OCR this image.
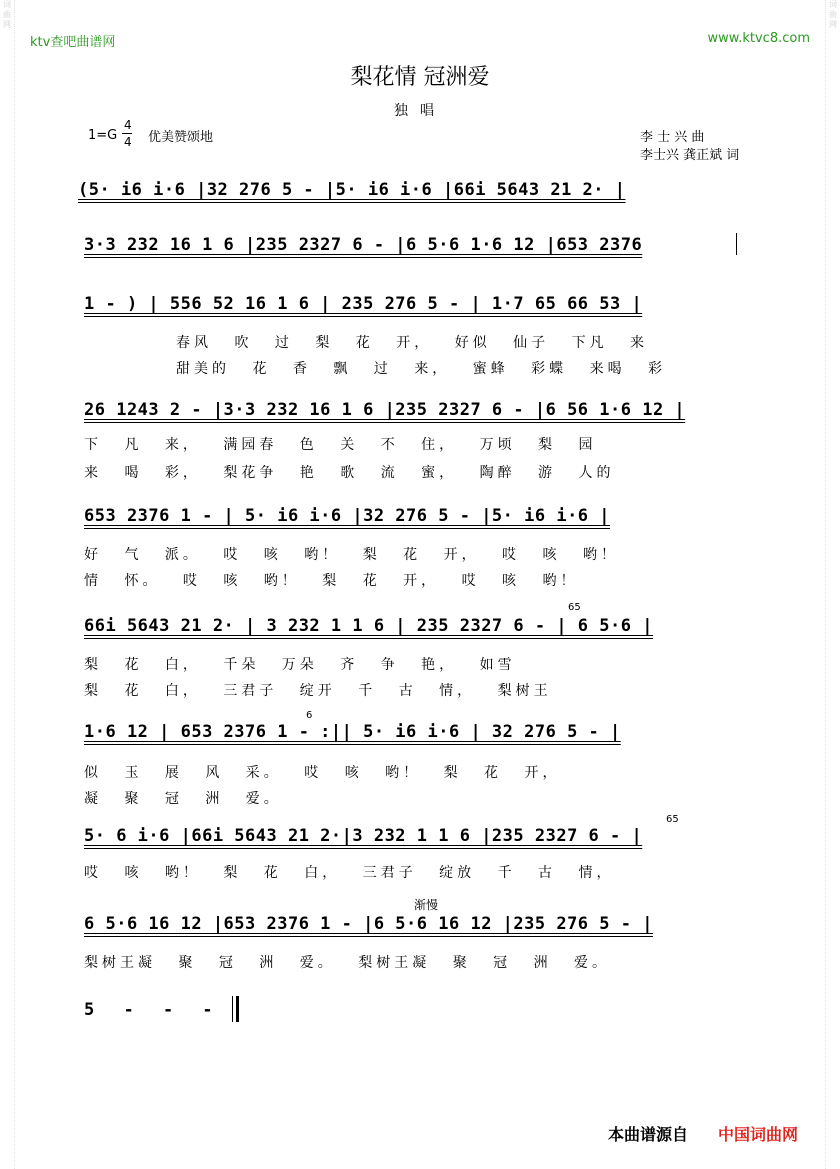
词曲网
词曲网
ktv查吧曲谱网	www.ktvc8.com
梨花情 冠洲爱
独唱
1=G
4
4 优美赞颂地	李 士 兴 曲
李士兴 龚正斌 词
(5· i6 i·6 |32 276 5 - |5· i6 i·6 |66i 5643 21 2· |
3·3 232 16 1 6 |235 2327 6 - |6 5·6 1·6 12 |653 2376
1 - ) | 556 52 16 1 6 | 235 276 5 - | 1·7 65 66 53 |
春风 吹 过 梨 花 开， 好似 仙子 下凡 来
甜美的 花 香 飘 过 来， 蜜蜂 彩蝶 来喝 彩
26 1243 2 - |3·3 232 16 1 6 |235 2327 6 - |6 56 1·6 12 |
下 凡 来， 满园春 色 关 不 住， 万顷 梨 园
来 喝 彩， 梨花争 艳 歌 流 蜜， 陶醉 游 人的
653 2376 1 - | 5· i6 i·6 |32 276 5 - |5· i6 i·6 |
好 气 派。 哎 咳 哟！ 梨 花 开， 哎 咳 哟！
情 怀。 哎 咳 哟！ 梨 花 开， 哎 咳 哟！
65
66i 5643 21 2· | 3 232 1 1 6 | 235 2327 6 - | 6 5·6 |
梨 花 白， 千朵 万朵 齐 争 艳， 如雪
梨 花 白， 三君子 绽开 千 古 情， 梨树王
6
1·6 12 | 653 2376 1 - :|| 5· i6 i·6 | 32 276 5 - |
似 玉 展 风 采。 哎 咳 哟！ 梨 花 开，
凝 聚 冠 洲 爱。
65
5· 6 i·6 |66i 5643 21 2·|3 232 1 1 6 |235 2327 6 - |
哎 咳 哟！ 梨 花 白， 三君子 绽放 千 古 情，
渐慢
6 5·6 16 12 |653 2376 1 - |6 5·6 16 12 |235 276 5 - |
梨树王凝 聚 冠 洲 爱。 梨树王凝 聚 冠 洲 爱。
5 - - -
本曲谱源自 中国词曲网
